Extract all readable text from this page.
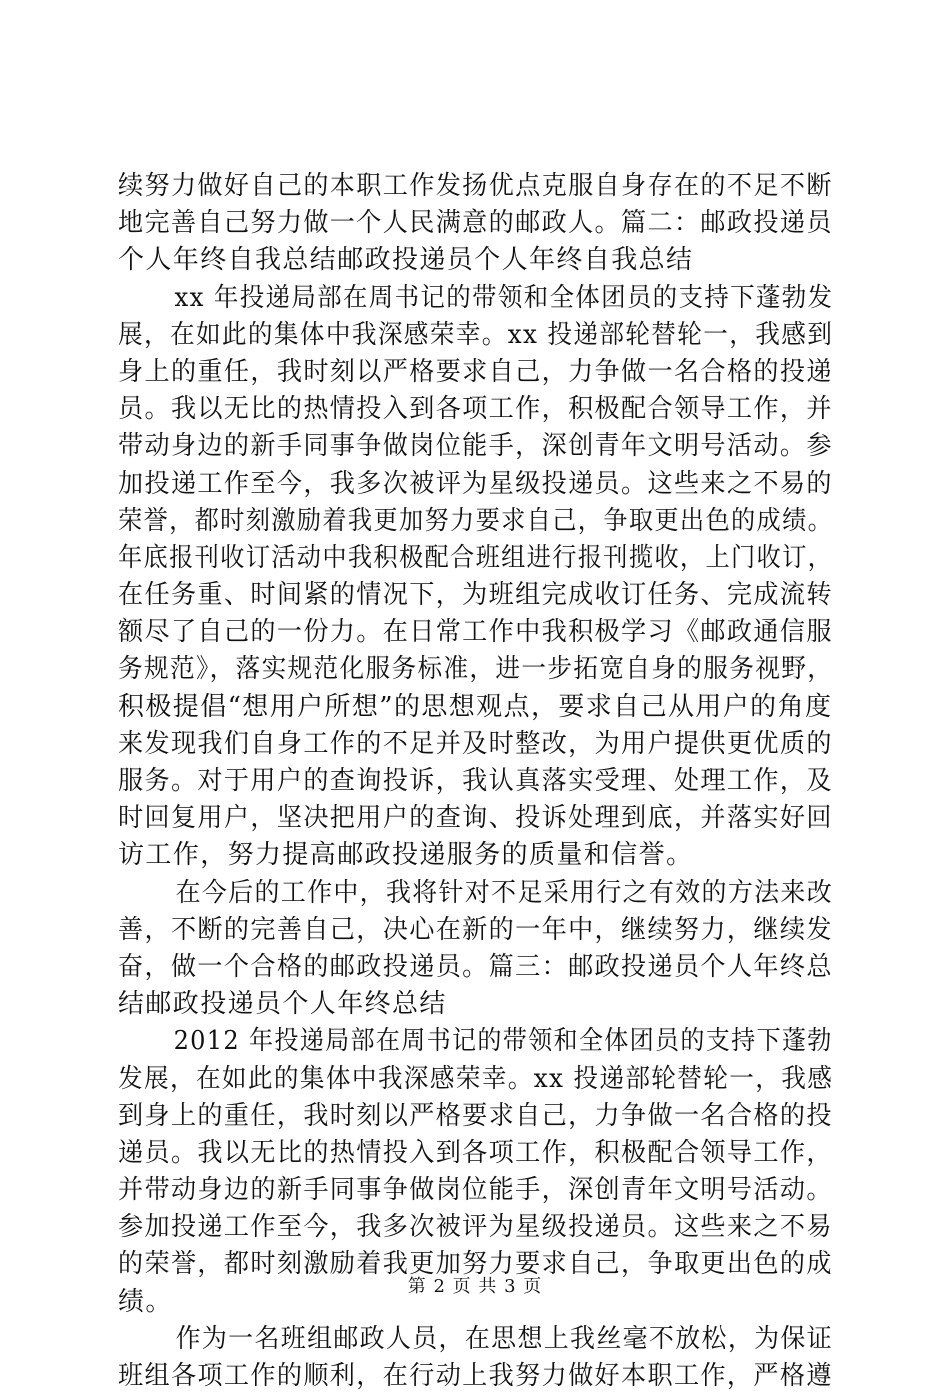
续努力做好自己的本职工作发扬优点克服自身存在的不足不断
地完善自己努力做一个人民满意的邮政人。篇二：邮政投递员
个人年终自我总结邮政投递员个人年终自我总结
xx 年投递局部在周书记的带领和全体团员的支持下蓬勃发
展，在如此的集体中我深感荣幸。xx 投递部轮替轮一，我感到
身上的重任，我时刻以严格要求自己，力争做一名合格的投递
员。我以无比的热情投入到各项工作，积极配合领导工作，并
带动身边的新手同事争做岗位能手，深创青年文明号活动。参
加投递工作至今，我多次被评为星级投递员。这些来之不易的
荣誉，都时刻激励着我更加努力要求自己，争取更出色的成绩。
年底报刊收订活动中我积极配合班组进行报刊揽收，上门收订，
在任务重、时间紧的情况下，为班组完成收订任务、完成流转
额尽了自己的一份力。在日常工作中我积极学习《邮政通信服
务规范》，落实规范化服务标准，进一步拓宽自身的服务视野，
积极提倡“想用户所想”的思想观点，要求自己从用户的角度
来发现我们自身工作的不足并及时整改，为用户提供更优质的
服务。对于用户的查询投诉，我认真落实受理、处理工作，及
时回复用户，坚决把用户的查询、投诉处理到底，并落实好回
访工作，努力提高邮政投递服务的质量和信誉。
在今后的工作中，我将针对不足采用行之有效的方法来改
善，不断的完善自己，决心在新的一年中，继续努力，继续发
奋，做一个合格的邮政投递员。篇三：邮政投递员个人年终总
结邮政投递员个人年终总结
2012 年投递局部在周书记的带领和全体团员的支持下蓬勃
发展，在如此的集体中我深感荣幸。xx 投递部轮替轮一，我感
到身上的重任，我时刻以严格要求自己，力争做一名合格的投
递员。我以无比的热情投入到各项工作，积极配合领导工作，
并带动身边的新手同事争做岗位能手，深创青年文明号活动。
参加投递工作至今，我多次被评为星级投递员。这些来之不易
的荣誉，都时刻激励着我更加努力要求自己，争取更出色的成
绩。
作为一名班组邮政人员，在思想上我丝毫不放松，为保证
班组各项工作的顺利，在行动上我努力做好本职工作，严格遵
第 2 页 共 3 页
